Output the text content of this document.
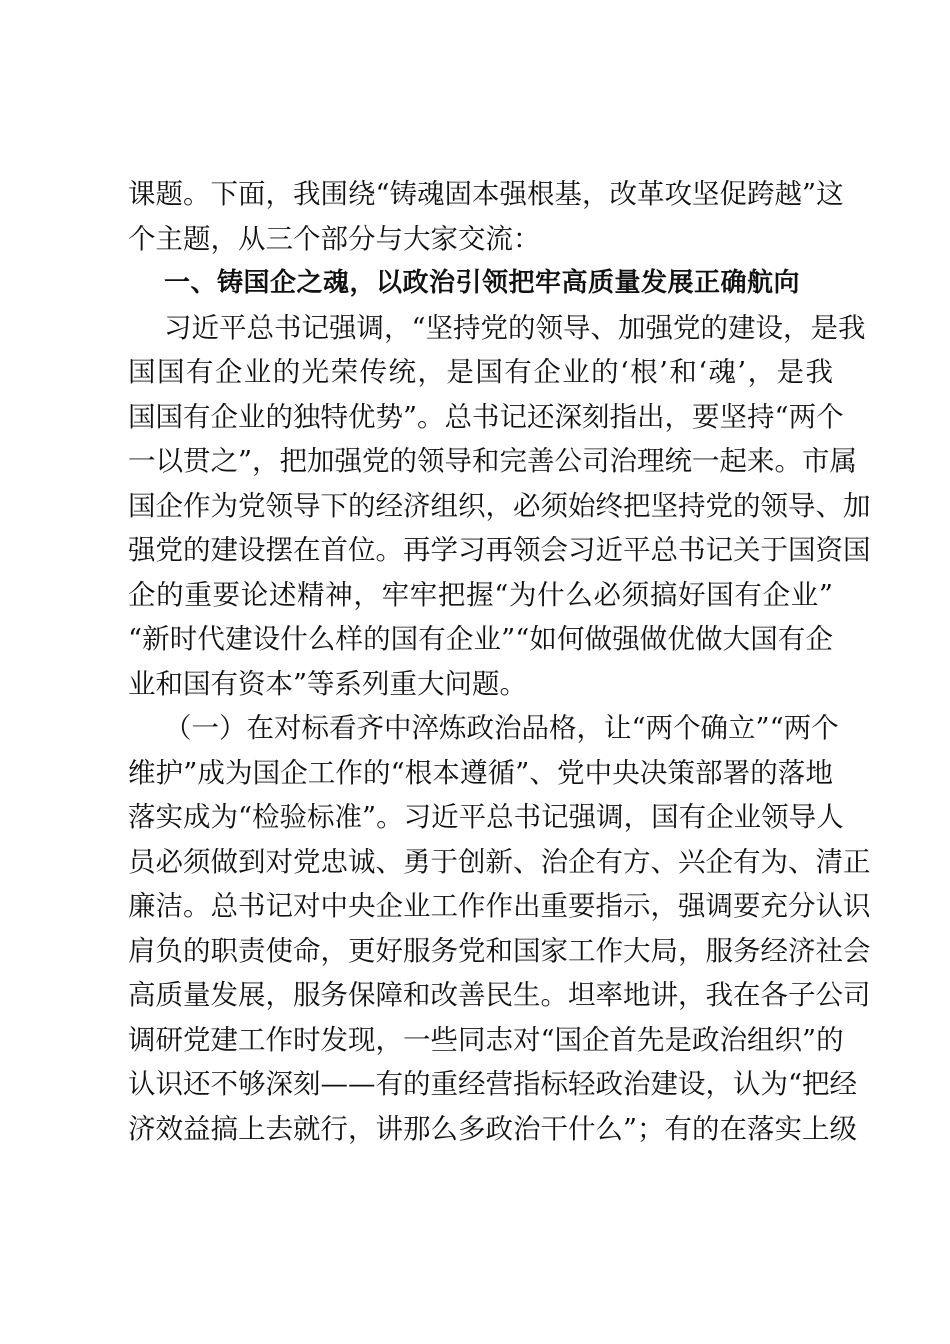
课题。下面，我围绕“铸魂固本强根基，改革攻坚促跨越”这
个主题，从三个部分与大家交流：
一、铸国企之魂，以政治引领把牢高质量发展正确航向
习近平总书记强调，“坚持党的领导、加强党的建设，是我
国国有企业的光荣传统，是国有企业的‘根’和‘魂’，是我
国国有企业的独特优势”。总书记还深刻指出，要坚持“两个
一以贯之”，把加强党的领导和完善公司治理统一起来。市属
国企作为党领导下的经济组织，必须始终把坚持党的领导、加
强党的建设摆在首位。再学习再领会习近平总书记关于国资国
企的重要论述精神，牢牢把握“为什么必须搞好国有企业”
“新时代建设什么样的国有企业”“如何做强做优做大国有企
业和国有资本”等系列重大问题。
（一）在对标看齐中淬炼政治品格，让“两个确立”“两个
维护”成为国企工作的“根本遵循”、党中央决策部署的落地
落实成为“检验标准”。习近平总书记强调，国有企业领导人
员必须做到对党忠诚、勇于创新、治企有方、兴企有为、清正
廉洁。总书记对中央企业工作作出重要指示，强调要充分认识
肩负的职责使命，更好服务党和国家工作大局，服务经济社会
高质量发展，服务保障和改善民生。坦率地讲，我在各子公司
调研党建工作时发现，一些同志对“国企首先是政治组织”的
认识还不够深刻——有的重经营指标轻政治建设，认为“把经
济效益搞上去就行，讲那么多政治干什么”；有的在落实上级
